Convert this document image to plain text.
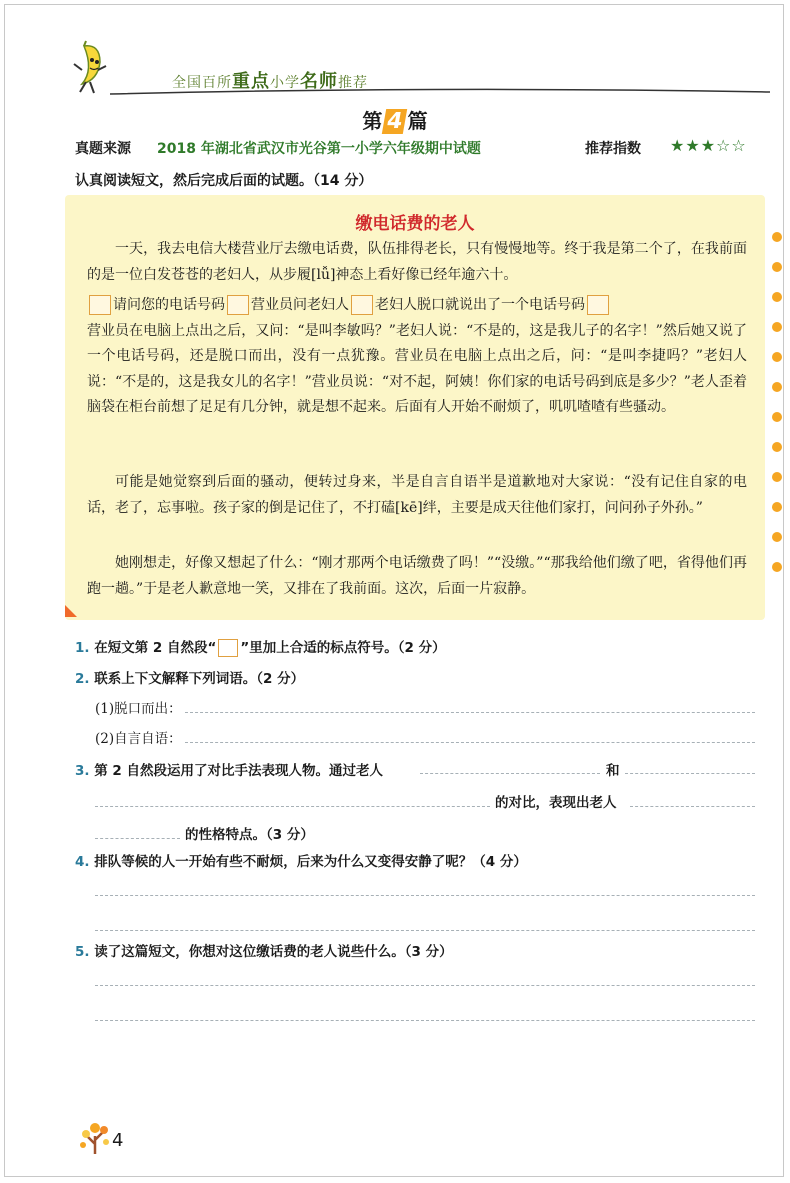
全国百所重点小学名师推荐
第 4 篇
真题来源 2018 年湖北省武汉市光谷第一小学六年级期中试题	推荐指数 ★★★☆☆
认真阅读短文，然后完成后面的试题。（14 分）
缴电话费的老人
一天，我去电信大楼营业厅去缴电话费，队伍排得老长，只有慢慢地等。终于我是第二个了，在我前面的是一位白发苍苍的老妇人，从步履[lǚ]神态上看好像已经年逾六十。
请问您的电话号码 营业员问老妇人 老妇人脱口就说出了一个电话号码
营业员在电脑上点出之后，又问：“是叫李敏吗？”老妇人说：“不是的，这是我儿子的名字！”然后她又说了一个电话号码，还是脱口而出，没有一点犹豫。营业员在电脑上点出之后，问：“是叫李捷吗？”老妇人说：“不是的，这是我女儿的名字！”营业员说：“对不起，阿姨！你们家的电话号码到底是多少？”老人歪着脑袋在柜台前想了足足有几分钟，就是想不起来。后面有人开始不耐烦了，叽叽喳喳有些骚动。
可能是她觉察到后面的骚动，便转过身来，半是自言自语半是道歉地对大家说：“没有记住自家的电话，老了，忘事啦。孩子家的倒是记住了，不打磕[kē]绊，主要是成天往他们家打，问问孙子外孙。”
她刚想走，好像又想起了什么：“刚才那两个电话缴费了吗！”“没缴。”“那我给他们缴了吧，省得他们再跑一趟。”于是老人歉意地一笑，又排在了我前面。这次，后面一片寂静。
1. 在短文第 2 自然段“ ”里加上合适的标点符号。（2 分）
2. 联系上下文解释下列词语。（2 分）
(1)脱口而出：
(2)自言自语：
3. 第 2 自然段运用了对比手法表现人物。通过老人	和
的对比，表现出老人
的性格特点。（3 分）
4. 排队等候的人一开始有些不耐烦，后来为什么又变得安静了呢？（4 分）
5. 读了这篇短文，你想对这位缴话费的老人说些什么。（3 分）
4
